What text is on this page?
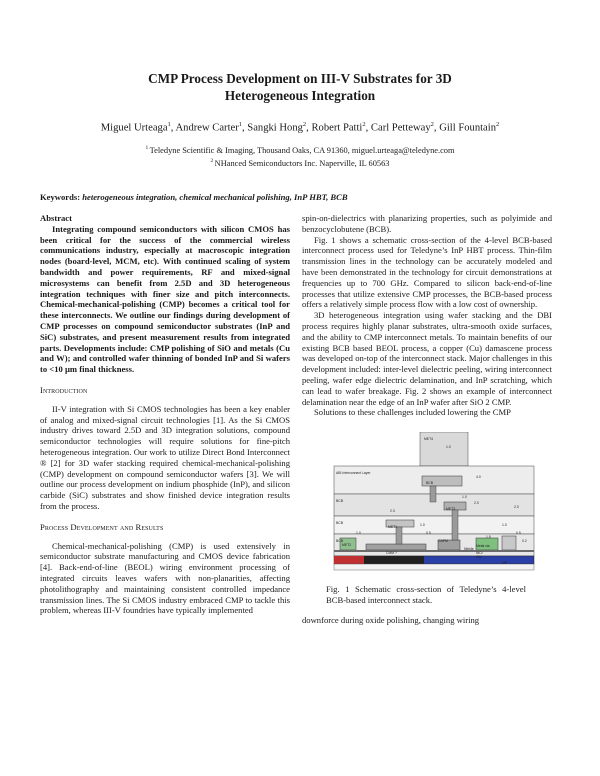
CMP Process Development on III-V Substrates for 3D
Heterogeneous Integration
Miguel Urteaga$^1$, Andrew Carter$^1$, Sangki Hong$^2$, Robert Patti$^2$, Carl Petteway$^2$, Gill Fountain$^2$
$^1$ Teledyne Scientific & Imaging, Thousand Oaks, CA 91360, miguel.urteaga@teledyne.com
$^2$ NHanced Semiconductors Inc. Naperville, IL 60563
Keywords: heterogeneous integration, chemical mechanical polishing, InP HBT, BCB

Abstract

Integrating compound semiconductors with silicon CMOS has been critical for the success of the commercial wireless communications industry, especially at macroscopic integration nodes (board-level, MCM, etc). With continued scaling of system bandwidth and power requirements, RF and mixed-signal microsystems can benefit from 2.5D and 3D heterogeneous integration techniques with finer size and pitch interconnects. Chemical-mechanical-polishing (CMP) becomes a critical tool for these interconnects. We outline our findings during development of CMP processes on compound semiconductor substrates (InP and SiC) substrates, and present measurement results from integrated parts. Developments include: CMP polishing of SiO and metals (Cu and W); and controlled wafer thinning of bonded InP and Si wafers to <10 µm final thickness.

Introduction

II-V integration with Si CMOS technologies has been a key enabler of analog and mixed-signal circuit technologies [1]. As the Si CMOS industry drives toward 2.5D and 3D integration solutions, compound semiconductor technologies will require solutions for fine-pitch heterogeneous integration. Our work to utilize Direct Bond Interconnect ® [2] for 3D wafer stacking required chemical-mechanical-polishing (CMP) development on compound semiconductor wafers [3]. We will outline our process development on indium phosphide (InP), and silicon carbide (SiC) substrates and show finished device integration results from the process.

Process Development and Results

Chemical-mechanical-polishing (CMP) is used extensively in semiconductor substrate manufacturing and CMOS device fabrication [4]. Back-end-of-line (BEOL) wiring environment processing of integrated circuits leaves wafers with non-planarities, affecting photolithography and maintaining consistent controlled impedance transmission lines. The Si CMOS industry embraced CMP to tackle this problem, whereas III-V foundries have typically implemented

spin-on-dielectrics with planarizing properties, such as polyimide and benzocyclobutene (BCB).

Fig. 1 shows a schematic cross-section of the 4-level BCB-based interconnect process used for Teledyne’s InP HBT process. Thin-film transmission lines in the technology can be accurately modeled and have been demonstrated in the technology for circuit demonstrations at frequencies up to 700 GHz. Compared to silicon back-end-of-line processes that utilize extensive CMP processes, the BCB-based process offers a relatively simple process flow with a low cost of ownership.

3D heterogeneous integration using wafer stacking and the DBI process requires highly planar substrates, ultra-smooth oxide surfaces, and the ability to CMP interconnect metals. To maintain benefits of our existing BCB based BEOL process, a copper (Cu) damascene process was developed on-top of the interconnect stack. Major challenges in this development included: inter-level dielectric peeling, wiring interconnect peeling, wafer edge dielectric delamination, and InP scratching, which can lead to wafer breakage. Fig. 2 shows an example of interconnect delamination near the edge of an InP wafer after SiO 2 CMP.

Solutions to these challenges included lowering the CMP

MET4
ABI Interconnect Layer
BCB
BCB
BCB
BCB
MET3
MET2
MET1
CAPM
Nitride
NiCr
SiN
CMM ?
Metal via
InP
1.0
1.0
2.0
2.0
1.0
0.5
0.2
1.0
2.3
0.5
1.0
4.0
1.5

Fig. 1 Schematic cross-section of Teledyne’s 4-level BCB-based interconnect stack.

downforce during oxide polishing, changing wiring
